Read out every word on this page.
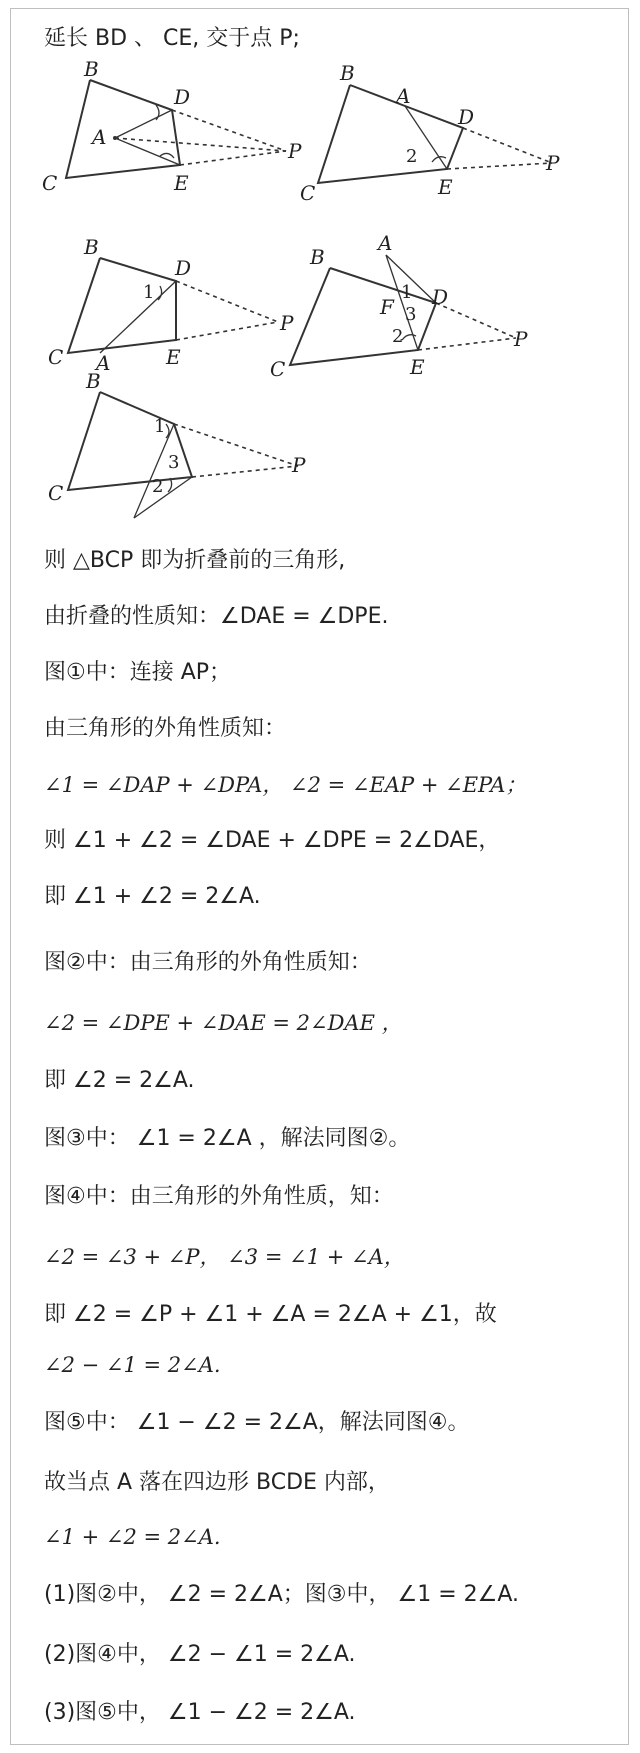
延长 BD 、 CE, 交于点 P;
B
C
D
E
A
P
B
C
A
D
E
2	P
B
C A
D
E
1
P
B
C
A
D
E
F
1
3
2	P
B
C
1
3
2
P
则 △BCP 即为折叠前的三角形,
由折叠的性质知：∠DAE = ∠DPE.
图①中：连接 AP；
由三角形的外角性质知：
∠1 = ∠DAP + ∠DPA， ∠2 = ∠EAP + ∠EPA；
则 ∠1 + ∠2 = ∠DAE + ∠DPE = 2∠DAE，
即 ∠1 + ∠2 = 2∠A.
图②中：由三角形的外角性质知：
∠2 = ∠DPE + ∠DAE = 2∠DAE ，
即 ∠2 = 2∠A.
图③中： ∠1 = 2∠A ，解法同图②。
图④中：由三角形的外角性质，知：
∠2 = ∠3 + ∠P， ∠3 = ∠1 + ∠A，
即 ∠2 = ∠P + ∠1 + ∠A = 2∠A + ∠1，故
∠2 − ∠1 = 2∠A.
图⑤中： ∠1 − ∠2 = 2∠A，解法同图④。
故当点 A 落在四边形 BCDE 内部，
∠1 + ∠2 = 2∠A.
(1)图②中， ∠2 = 2∠A；图③中， ∠1 = 2∠A.
(2)图④中， ∠2 − ∠1 = 2∠A.
(3)图⑤中， ∠1 − ∠2 = 2∠A.
